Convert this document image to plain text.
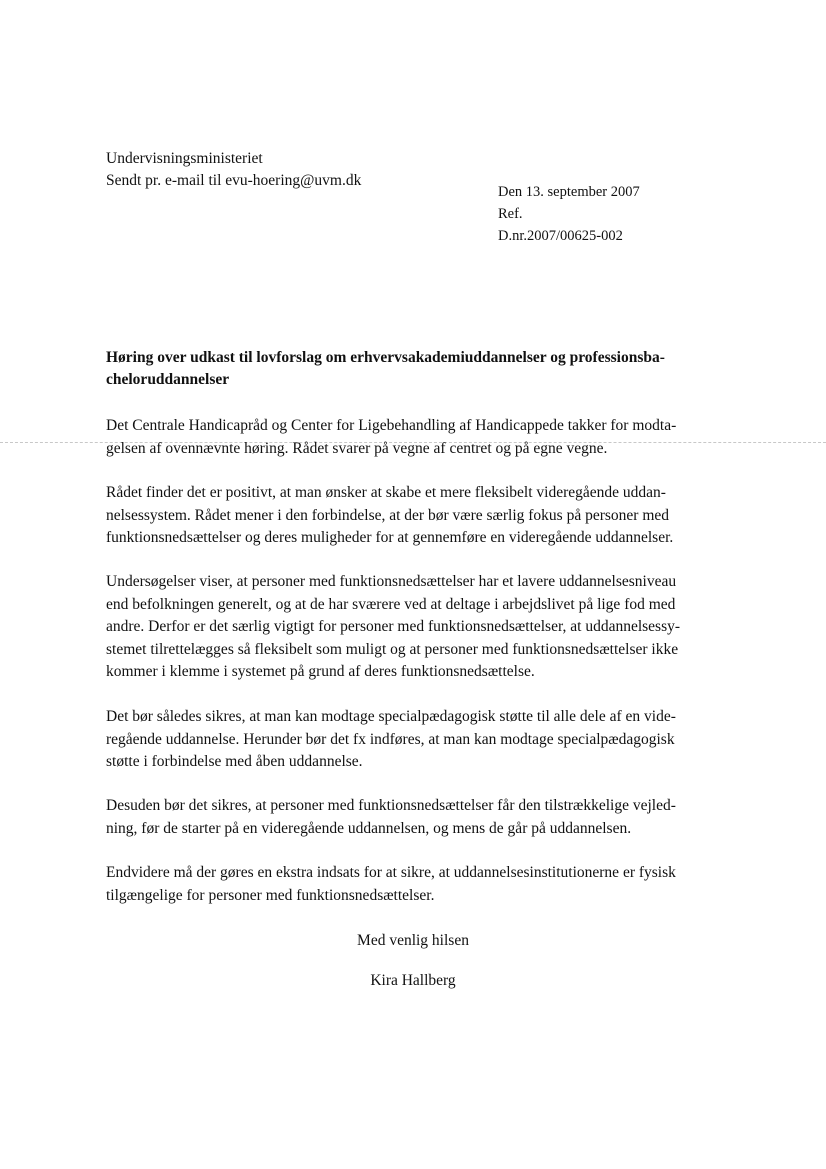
Undervisningsministeriet
Sendt pr. e-mail til evu-hoering@uvm.dk
Den 13. september 2007
Ref.
D.nr.2007/00625-002
Høring over udkast til lovforslag om erhvervsakademiuddannelser og professionsba-
cheloruddannelser
Det Centrale Handicapråd og Center for Ligebehandling af Handicappede takker for modta-
gelsen af ovennævnte høring. Rådet svarer på vegne af centret og på egne vegne.
Rådet finder det er positivt, at man ønsker at skabe et mere fleksibelt videregående uddan-
nelsessystem. Rådet mener i den forbindelse, at der bør være særlig fokus på personer med
funktionsnedsættelser og deres muligheder for at gennemføre en videregående uddannelser.
Undersøgelser viser, at personer med funktionsnedsættelser har et lavere uddannelsesniveau
end befolkningen generelt, og at de har sværere ved at deltage i arbejdslivet på lige fod med
andre. Derfor er det særlig vigtigt for personer med funktionsnedsættelser, at uddannelsessy-
stemet tilrettelægges så fleksibelt som muligt og at personer med funktionsnedsættelser ikke
kommer i klemme i systemet på grund af deres funktionsnedsættelse.
Det bør således sikres, at man kan modtage specialpædagogisk støtte til alle dele af en vide-
regående uddannelse. Herunder bør det fx indføres, at man kan modtage specialpædagogisk
støtte i forbindelse med åben uddannelse.
Desuden bør det sikres, at personer med funktionsnedsættelser får den tilstrækkelige vejled-
ning, før de starter på en videregående uddannelsen, og mens de går på uddannelsen.
Endvidere må der gøres en ekstra indsats for at sikre, at uddannelsesinstitutionerne er fysisk
tilgængelige for personer med funktionsnedsættelser.
Med venlig hilsen
Kira Hallberg
